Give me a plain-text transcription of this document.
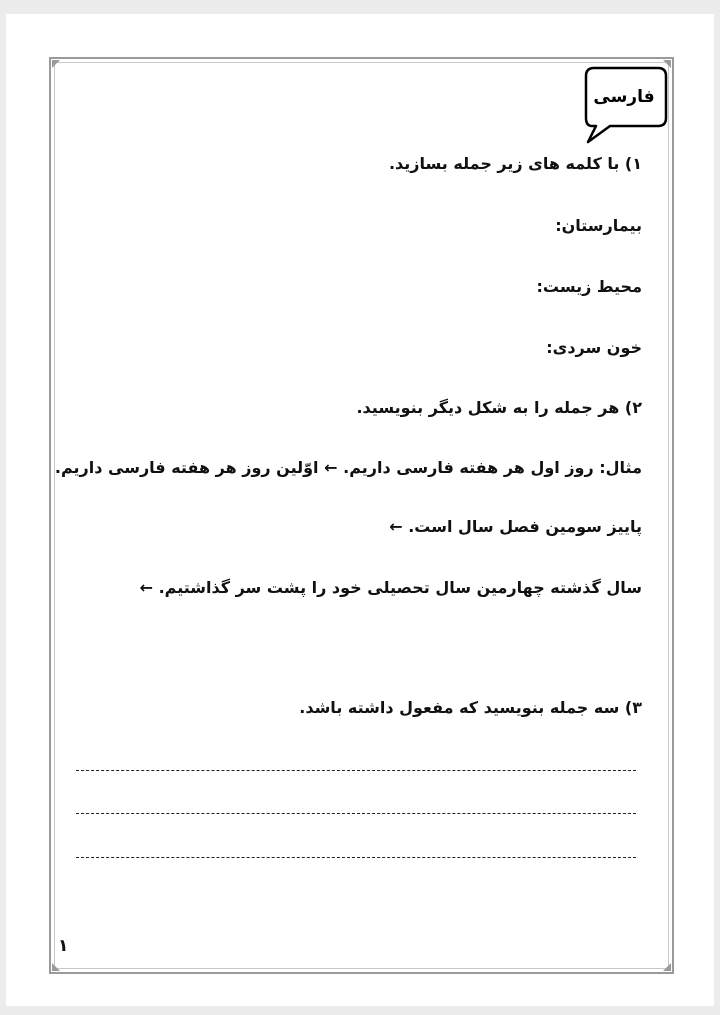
فارسی
۱) با کلمه های زیر جمله بسازید.
بیمارستان:
محیط زیست:
خون سردی:
۲) هر جمله را به شکل دیگر بنویسید.
مثال: روز اول هر هفته فارسی داریم. ← اوّلین روز هر هفته فارسی داریم.
پاییز سومین فصل سال است. ←
سال گذشته چهارمین سال تحصیلی خود را پشت سر گذاشتیم. ←
۳) سه جمله بنویسید که مفعول داشته باشد.
۱
